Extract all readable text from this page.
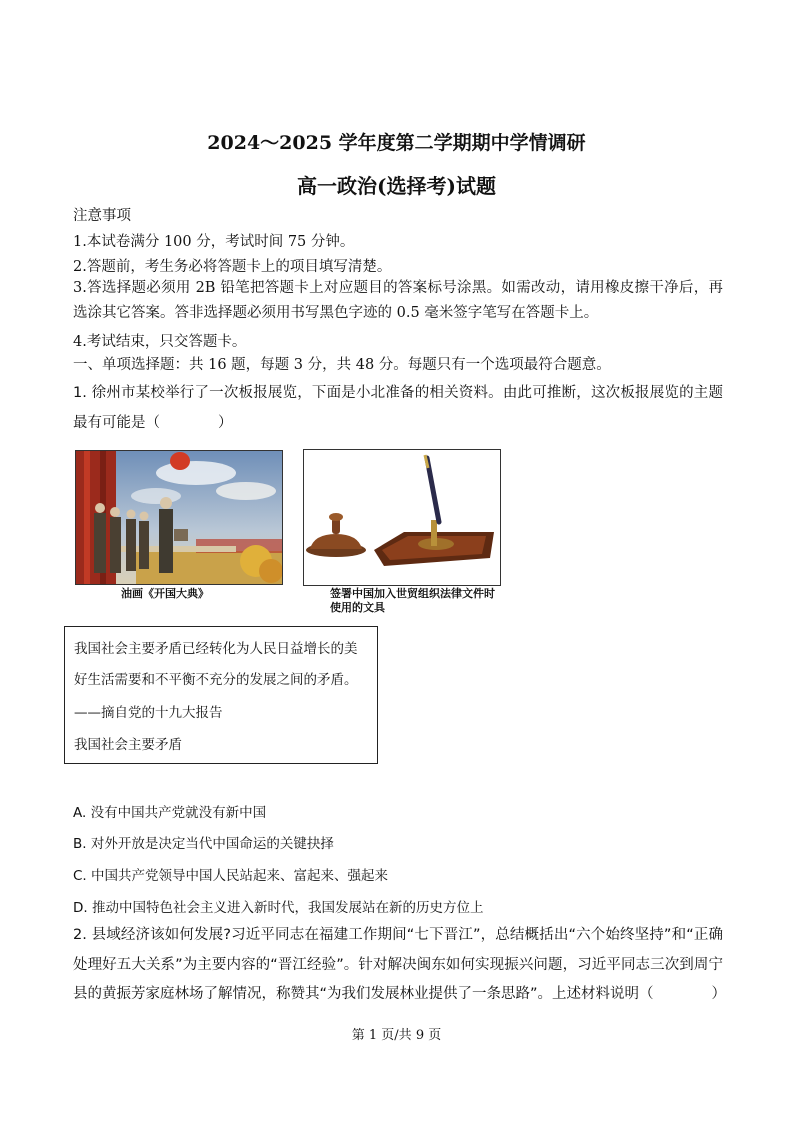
2024～2025 学年度第二学期期中学情调研
高一政治(选择考)试题
注意事项
1.本试卷满分 100 分，考试时间 75 分钟。
2.答题前，考生务必将答题卡上的项目填写清楚。
3.答选择题必须用 2B 铅笔把答题卡上对应题目的答案标号涂黑。如需改动，请用橡皮擦干净后，再选涂其它答案。答非选择题必须用书写黑色字迹的 0.5 毫米签字笔写在答题卡上。
4.考试结束，只交答题卡。
一、单项选择题：共 16 题，每题 3 分，共 48 分。每题只有一个选项最符合题意。
1. 徐州市某校举行了一次板报展览，下面是小北准备的相关资料。由此可推断，这次板报展览的主题最有可能是（　　　　）
油画《开国大典》	签署中国加入世贸组织法律文件时使用的文具
我国社会主要矛盾已经转化为人民日益增长的美
好生活需要和不平衡不充分的发展之间的矛盾。
——摘自党的十九大报告
我国社会主要矛盾
A. 没有中国共产党就没有新中国
B. 对外开放是决定当代中国命运的关键抉择
C. 中国共产党领导中国人民站起来、富起来、强起来
D. 推动中国特色社会主义进入新时代，我国发展站在新的历史方位上
2. 县域经济该如何发展?习近平同志在福建工作期间“七下晋江”，总结概括出“六个始终坚持”和“正确处理好五大关系”为主要内容的“晋江经验”。针对解决闽东如何实现振兴问题，习近平同志三次到周宁县的黄振芳家庭林场了解情况，称赞其“为我们发展林业提供了一条思路”。上述材料说明（　　　　）
第 1 页/共 9 页
